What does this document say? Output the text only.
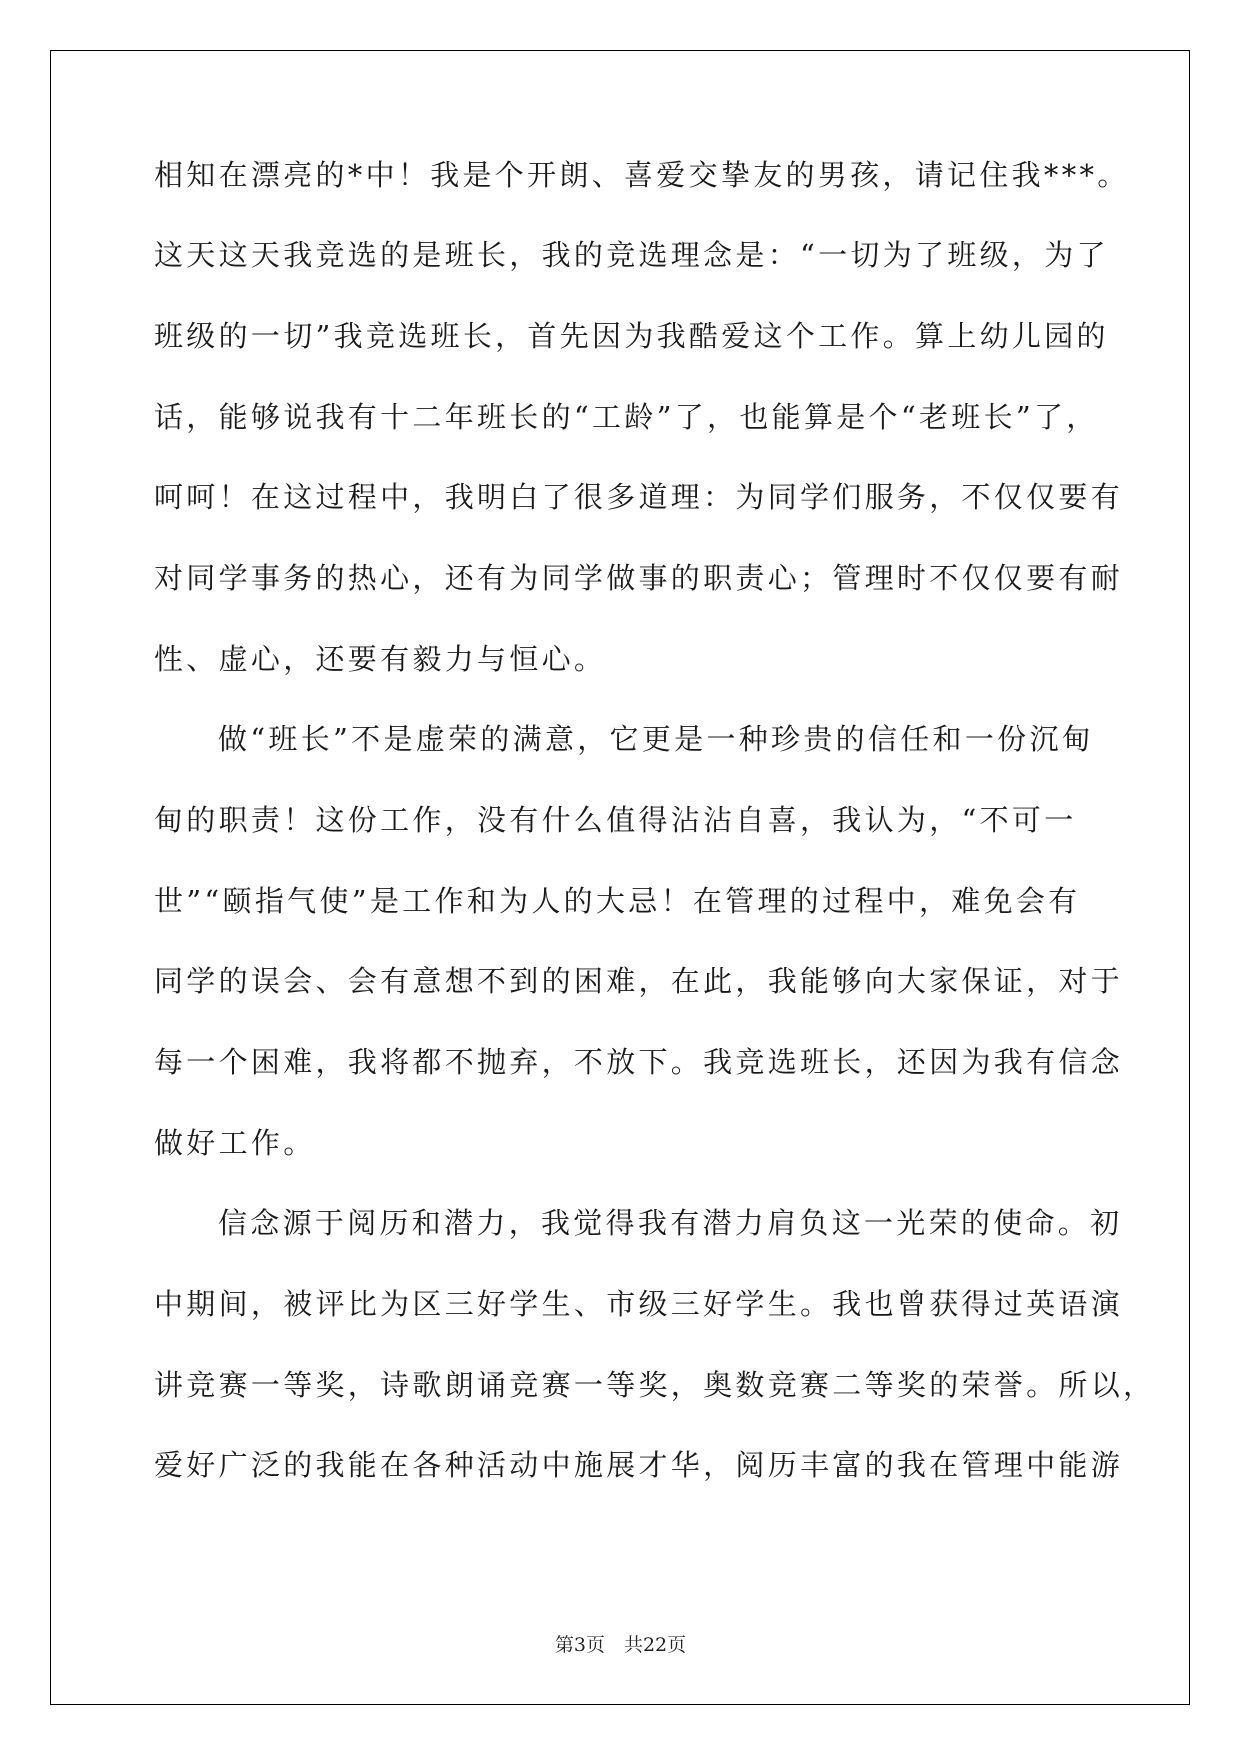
相知在漂亮的*中！我是个开朗、喜爱交挚友的男孩，请记住我***。
这天这天我竞选的是班长，我的竞选理念是：“一切为了班级，为了
班级的一切”我竞选班长，首先因为我酷爱这个工作。算上幼儿园的
话，能够说我有十二年班长的“工龄”了，也能算是个“老班长”了，
呵呵！在这过程中，我明白了很多道理：为同学们服务，不仅仅要有
对同学事务的热心，还有为同学做事的职责心；管理时不仅仅要有耐
性、虚心，还要有毅力与恒心。
做“班长”不是虚荣的满意，它更是一种珍贵的信任和一份沉甸
甸的职责！这份工作，没有什么值得沾沾自喜，我认为，“不可一
世”“颐指气使”是工作和为人的大忌！在管理的过程中，难免会有
同学的误会、会有意想不到的困难，在此，我能够向大家保证，对于
每一个困难，我将都不抛弃，不放下。我竞选班长，还因为我有信念
做好工作。
信念源于阅历和潜力，我觉得我有潜力肩负这一光荣的使命。初
中期间，被评比为区三好学生、市级三好学生。我也曾获得过英语演
讲竞赛一等奖，诗歌朗诵竞赛一等奖，奥数竞赛二等奖的荣誉。所以，
爱好广泛的我能在各种活动中施展才华，阅历丰富的我在管理中能游
第3页　共22页
